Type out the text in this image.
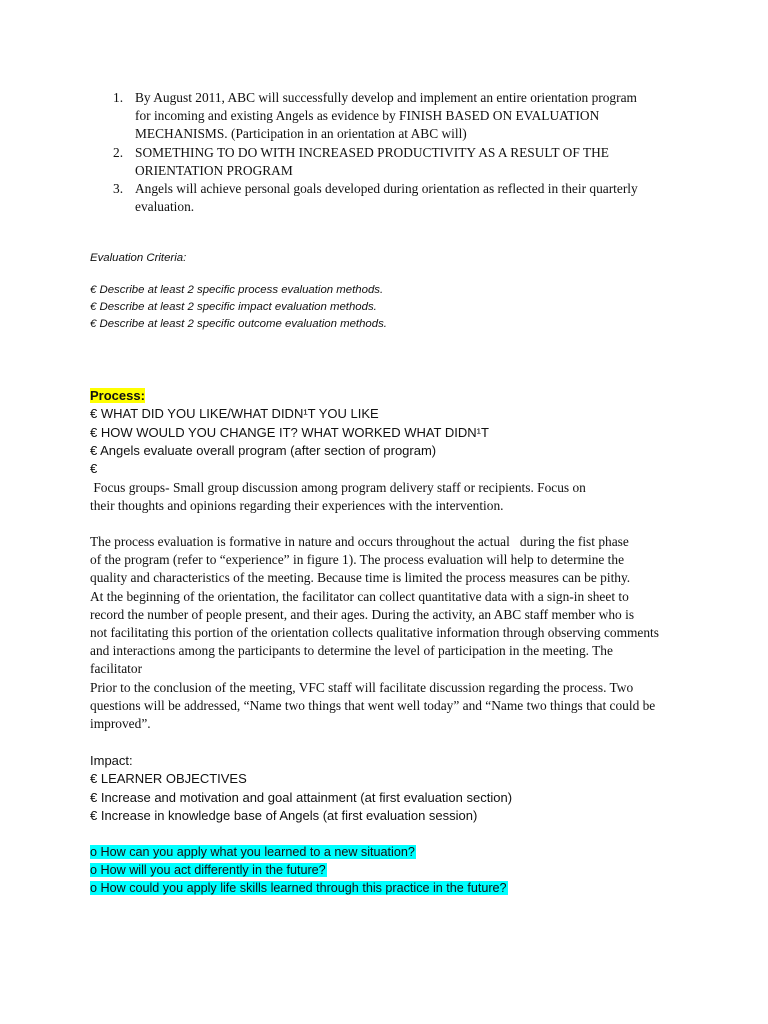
1. By August 2011, ABC will successfully develop and implement an entire orientation program
for incoming and existing Angels as evidence by FINISH BASED ON EVALUATION
MECHANISMS. (Participation in an orientation at ABC will)
2. SOMETHING TO DO WITH INCREASED PRODUCTIVITY AS A RESULT OF THE
ORIENTATION PROGRAM
3. Angels will achieve personal goals developed during orientation as reflected in their quarterly
evaluation.
Evaluation Criteria:
€ Describe at least 2 specific process evaluation methods.
€ Describe at least 2 specific impact evaluation methods.
€ Describe at least 2 specific outcome evaluation methods.
Process:
€ WHAT DID YOU LIKE/WHAT DIDN¹T YOU LIKE
€ HOW WOULD YOU CHANGE IT? WHAT WORKED WHAT DIDN¹T
€ Angels evaluate overall program (after section of program)
€
Focus groups- Small group discussion among program delivery staff or recipients. Focus on
their thoughts and opinions regarding their experiences with the intervention.
The process evaluation is formative in nature and occurs throughout the actual   during the fist phase
of the program (refer to “experience” in figure 1). The process evaluation will help to determine the
quality and characteristics of the meeting. Because time is limited the process measures can be pithy.
At the beginning of the orientation, the facilitator can collect quantitative data with a sign-in sheet to
record the number of people present, and their ages. During the activity, an ABC staff member who is
not facilitating this portion of the orientation collects qualitative information through observing comments
and interactions among the participants to determine the level of participation in the meeting. The
facilitator
Prior to the conclusion of the meeting, VFC staff will facilitate discussion regarding the process. Two
questions will be addressed, “Name two things that went well today” and “Name two things that could be
improved”.
Impact:
€ LEARNER OBJECTIVES
€ Increase and motivation and goal attainment (at first evaluation section)
€ Increase in knowledge base of Angels (at first evaluation session)
o How can you apply what you learned to a new situation?
o How will you act differently in the future?
o How could you apply life skills learned through this practice in the future?
